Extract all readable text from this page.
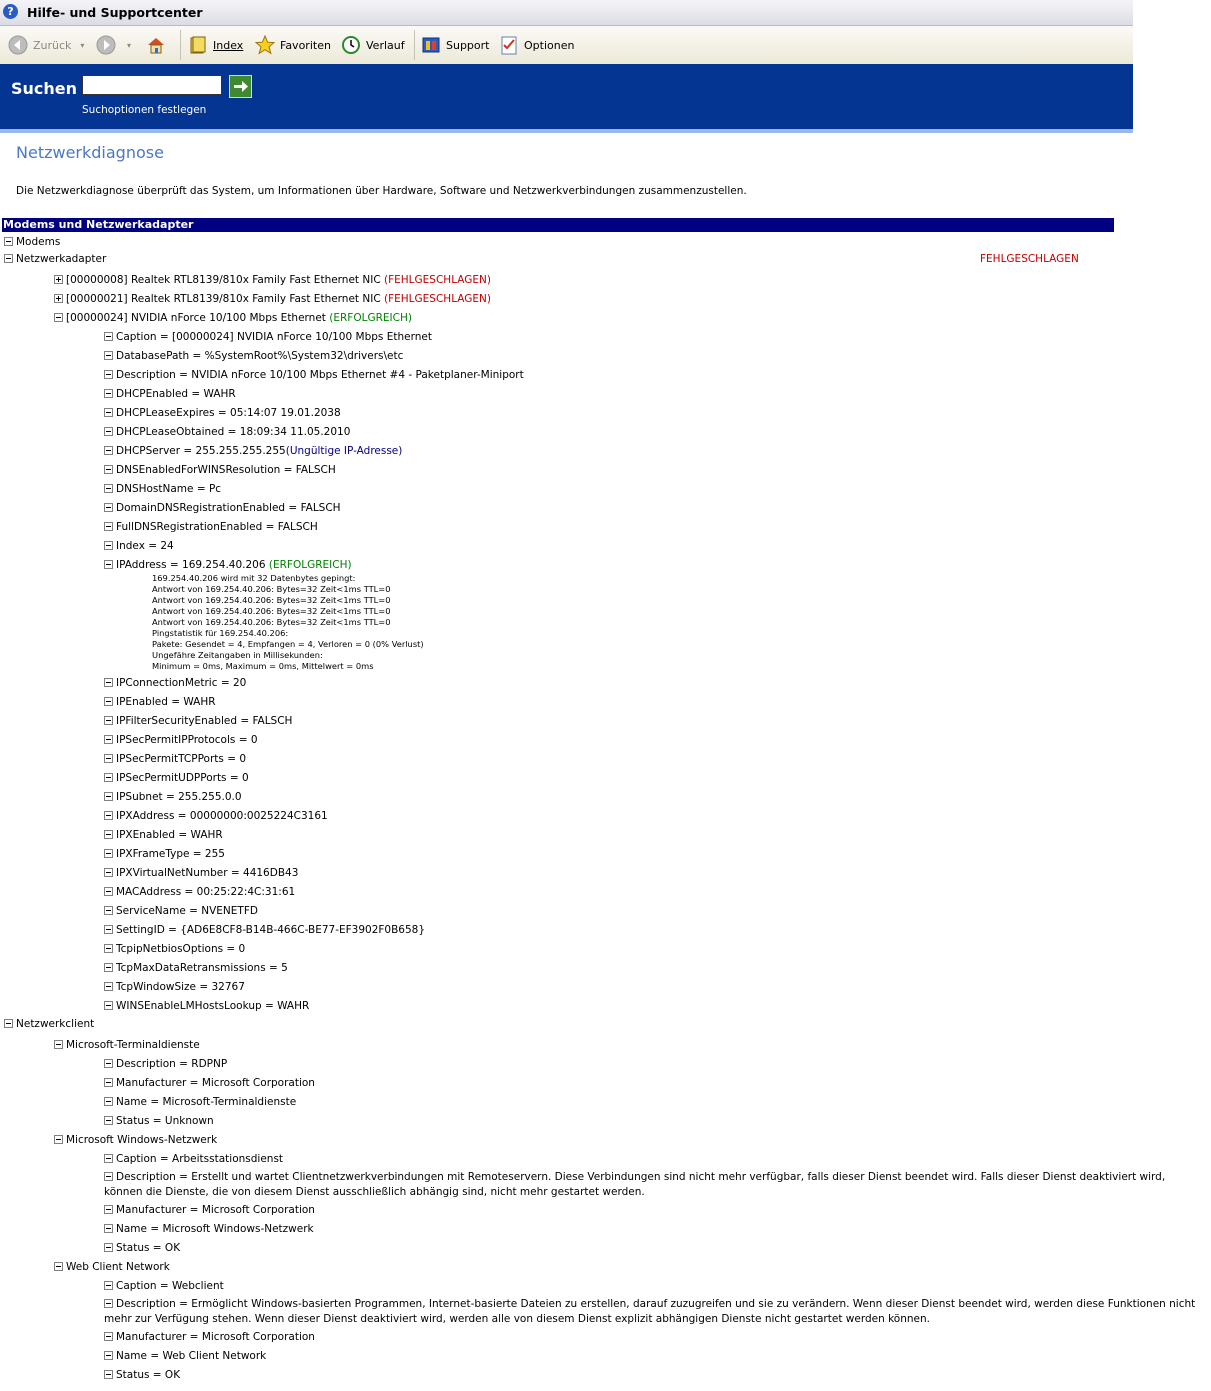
?	Hilfe- und Supportcenter
Zurück ▾	▾	Index	Favoriten	Verlauf	Support	Optionen
Suchen
? Hilfe- und Support
Suchoptionen festlegen
Netzwerkdiagnose
Die Netzwerkdiagnose überprüft das System, um Informationen über Hardware, Software und Netzwerkverbindungen zusammenzustellen.
Modems und Netzwerkadapter
Modems
Netzwerkadapter	FEHLGESCHLAGEN
[00000008] Realtek RTL8139/810x Family Fast Ethernet NIC (FEHLGESCHLAGEN)
[00000021] Realtek RTL8139/810x Family Fast Ethernet NIC (FEHLGESCHLAGEN)
[00000024] NVIDIA nForce 10/100 Mbps Ethernet (ERFOLGREICH)
Caption = [00000024] NVIDIA nForce 10/100 Mbps Ethernet
DatabasePath = %SystemRoot%\System32\drivers\etc
Description = NVIDIA nForce 10/100 Mbps Ethernet #4 - Paketplaner-Miniport
DHCPEnabled = WAHR
DHCPLeaseExpires = 05:14:07 19.01.2038
DHCPLeaseObtained = 18:09:34 11.05.2010
DHCPServer = 255.255.255.255(Ungültige IP-Adresse)
DNSEnabledForWINSResolution = FALSCH
DNSHostName = Pc
DomainDNSRegistrationEnabled = FALSCH
FullDNSRegistrationEnabled = FALSCH
Index = 24
IPAddress = 169.254.40.206 (ERFOLGREICH)
IPConnectionMetric = 20
IPEnabled = WAHR
IPFilterSecurityEnabled = FALSCH
IPSecPermitIPProtocols = 0
IPSecPermitTCPPorts = 0
IPSecPermitUDPPorts = 0
IPSubnet = 255.255.0.0
IPXAddress = 00000000:0025224C3161
IPXEnabled = WAHR
IPXFrameType = 255
IPXVirtualNetNumber = 4416DB43
MACAddress = 00:25:22:4C:31:61
ServiceName = NVENETFD
SettingID = {AD6E8CF8-B14B-466C-BE77-EF3902F0B658}
TcpipNetbiosOptions = 0
TcpMaxDataRetransmissions = 5
TcpWindowSize = 32767
WINSEnableLMHostsLookup = WAHR
169.254.40.206 wird mit 32 Datenbytes gepingt:
Antwort von 169.254.40.206: Bytes=32 Zeit<1ms TTL=0
Antwort von 169.254.40.206: Bytes=32 Zeit<1ms TTL=0
Antwort von 169.254.40.206: Bytes=32 Zeit<1ms TTL=0
Antwort von 169.254.40.206: Bytes=32 Zeit<1ms TTL=0
Pingstatistik für 169.254.40.206:
Pakete: Gesendet = 4, Empfangen = 4, Verloren = 0 (0% Verlust)
Ungefähre Zeitangaben in Millisekunden:
Minimum = 0ms, Maximum = 0ms, Mittelwert = 0ms
Netzwerkclient
Microsoft-Terminaldienste
Description = RDPNP
Manufacturer = Microsoft Corporation
Name = Microsoft-Terminaldienste
Status = Unknown
Microsoft Windows-Netzwerk
Caption = Arbeitsstationsdienst
Description = Erstellt und wartet Clientnetzwerkverbindungen mit Remoteservern. Diese Verbindungen sind nicht mehr verfügbar, falls dieser Dienst beendet wird. Falls dieser Dienst deaktiviert wird, können die Dienste, die von diesem Dienst ausschließlich abhängig sind, nicht mehr gestartet werden.
Manufacturer = Microsoft Corporation
Name = Microsoft Windows-Netzwerk
Status = OK
Web Client Network
Caption = Webclient
Description = Ermöglicht Windows-basierten Programmen, Internet-basierte Dateien zu erstellen, darauf zuzugreifen und sie zu verändern. Wenn dieser Dienst beendet wird, werden diese Funktionen nicht mehr zur Verfügung stehen. Wenn dieser Dienst deaktiviert wird, werden alle von diesem Dienst explizit abhängigen Dienste nicht gestartet werden können.
Manufacturer = Microsoft Corporation
Name = Web Client Network
Status = OK
